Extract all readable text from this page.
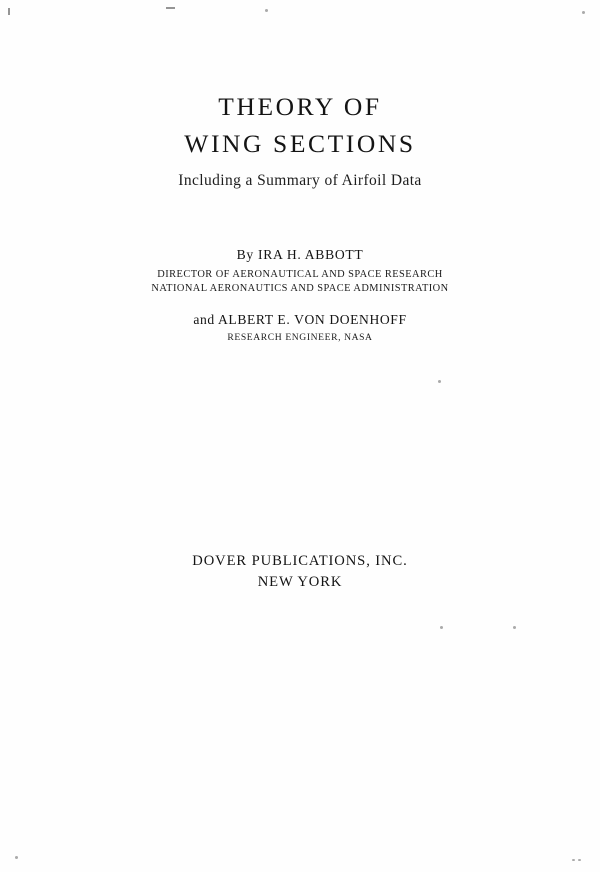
THEORY OF
WING SECTIONS
Including a Summary of Airfoil Data
By IRA H. ABBOTT
DIRECTOR OF AERONAUTICAL AND SPACE RESEARCH
NATIONAL AERONAUTICS AND SPACE ADMINISTRATION
and ALBERT E. VON DOENHOFF
RESEARCH ENGINEER, NASA
DOVER PUBLICATIONS, INC.
NEW YORK
